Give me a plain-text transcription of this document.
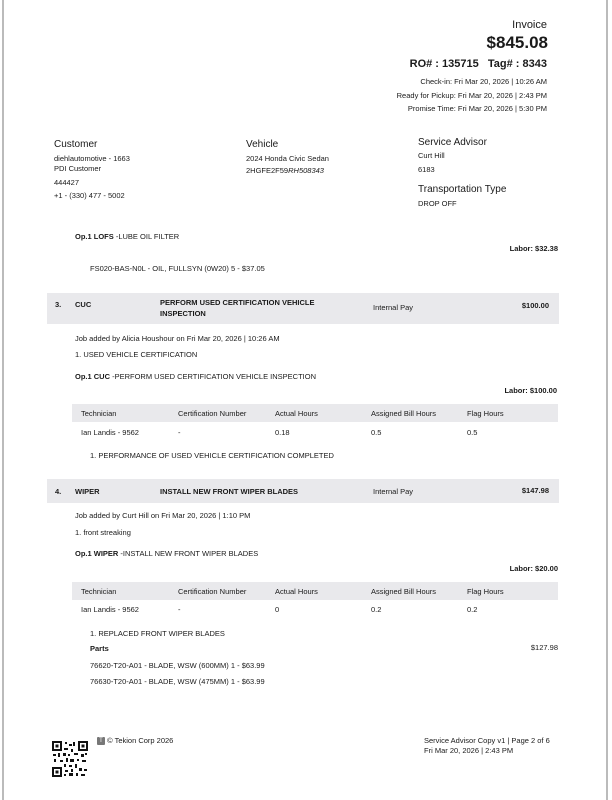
Invoice
$845.08
RO# : 135715   Tag# : 8343
Check-in: Fri Mar 20, 2026 | 10:26 AM
Ready for Pickup: Fri Mar 20, 2026 | 2:43 PM
Promise Time: Fri Mar 20, 2026 | 5:30 PM
Customer
diehlautomotive - 1663
PDI Customer
444427
+1 - (330) 477 - 5002
Vehicle
2024 Honda Civic Sedan
2HGFE2F59RH508343
Service Advisor
Curt Hill
6183
Transportation Type
DROP OFF
Op.1 LOFS -LUBE OIL FILTER
Labor: $32.38
FS020-BAS-N0L - OIL, FULLSYN (0W20) 5 - $37.05
3. CUC	PERFORM USED CERTIFICATION VEHICLE
INSPECTION
Internal Pay	$100.00
Job added by Alicia Houshour on Fri Mar 20, 2026 | 10:26 AM
1. USED VEHICLE CERTIFICATION
Op.1 CUC -PERFORM USED CERTIFICATION VEHICLE INSPECTION
Labor: $100.00
Technician	Certification Number	Actual Hours	Assigned Bill Hours	Flag Hours
Ian Landis - 9562	-	0.18	0.5	0.5
1. PERFORMANCE OF USED VEHICLE CERTIFICATION COMPLETED
4. WIPER	INSTALL NEW FRONT WIPER BLADES	Internal Pay	$147.98
Job added by Curt Hill on Fri Mar 20, 2026 | 1:10 PM
1. front streaking
Op.1 WIPER -INSTALL NEW FRONT WIPER BLADES
Labor: $20.00
Technician	Certification Number	Actual Hours	Assigned Bill Hours	Flag Hours
Ian Landis - 9562	-	0	0.2	0.2
1. REPLACED FRONT WIPER BLADES
Parts	$127.98
76620-T20-A01 - BLADE, WSW (600MM) 1 - $63.99
76630-T20-A01 - BLADE, WSW (475MM) 1 - $63.99
T © Tekion Corp 2026	Service Advisor Copy v1 | Page 2 of 6
Fri Mar 20, 2026 | 2:43 PM
